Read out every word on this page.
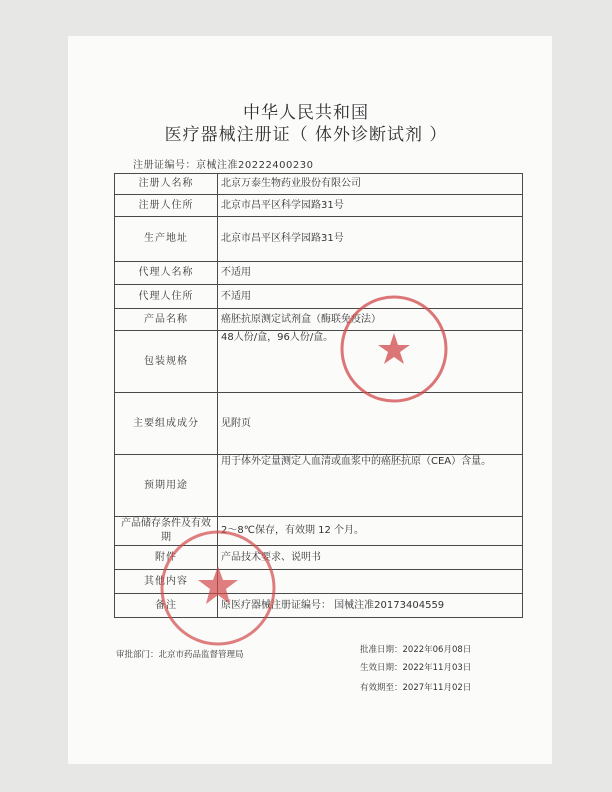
中华人民共和国
医疗器械注册证（ 体外诊断试剂 ）
注册证编号：京械注准20222400230
注册人名称	北京万泰生物药业股份有限公司
注册人住所	北京市昌平区科学园路31号
生产地址	北京市昌平区科学园路31号
代理人名称	不适用
代理人住所	不适用
产品名称	癌胚抗原测定试剂盒（酶联免疫法）
包装规格	48人份/盒，96人份/盒。
主要组成成分	见附页
预期用途	用于体外定量测定人血清或血浆中的癌胚抗原（CEA）含量。
产品储存条件及有效期	2～8℃保存，有效期 12 个月。
附件	产品技术要求、说明书
其他内容	
备注	原医疗器械注册证编号： 国械注准20173404559
审批部门：北京市药品监督管理局	批准日期：2022年06月08日
生效日期：2022年11月03日
有效期至：2027年11月02日
